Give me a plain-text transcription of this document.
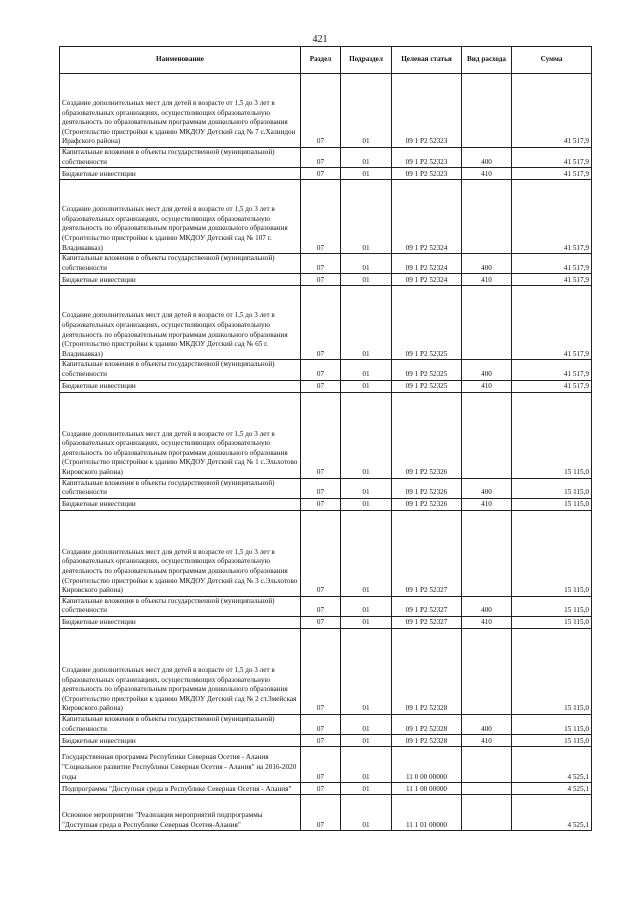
421
Наименование	Раздел	Подраздел	Целевая статья	Вид расхода	Сумма
Создание дополнительных мест для детей в возрасте от 1,5 до 3 лет в образовательных организациях, осуществляющих образовательную деятельность по образовательным программам дошкольного образования (Строительство пристройки к зданию МКДОУ Детский сад № 7 с.Хазнидон Ирафского района)	07	01	09 1 P2 52323		41 517,9
Капитальные вложения в объекты государственной (муниципальной) собственности	07	01	09 1 P2 52323	400	41 517,9
Бюджетные инвестиции	07	01	09 1 P2 52323	410	41 517,9
Создание дополнительных мест для детей в возрасте от 1,5 до 3 лет в образовательных организациях, осуществляющих образовательную деятельность по образовательным программам дошкольного образования (Строительство пристройки к зданию МКДОУ Детский сад № 107 г. Владикавказ)	07	01	09 1 P2 52324		41 517,9
Капитальные вложения в объекты государственной (муниципальной) собственности	07	01	09 1 P2 52324	400	41 517,9
Бюджетные инвестиции	07	01	09 1 P2 52324	410	41 517,9
Создание дополнительных мест для детей в возрасте от 1,5 до 3 лет в образовательных организациях, осуществляющих образовательную деятельность по образовательным программам дошкольного образования (Строительство пристройки к зданию МКДОУ Детский сад № 65 г. Владикавказ)	07	01	09 1 P2 52325		41 517,9
Капитальные вложения в объекты государственной (муниципальной) собственности	07	01	09 1 P2 52325	400	41 517,9
Бюджетные инвестиции	07	01	09 1 P2 52325	410	41 517,9
Создание дополнительных мест для детей в возрасте от 1,5 до 3 лет в образовательных организациях, осуществляющих образовательную деятельность по образовательным программам дошкольного образования (Строительство пристройки к зданию МКДОУ Детский сад № 1 с.Эльхотово Кировского района)	07	01	09 1 P2 52326		15 115,0
Капитальные вложения в объекты государственной (муниципальной) собственности	07	01	09 1 P2 52326	400	15 115,0
Бюджетные инвестиции	07	01	09 1 P2 52326	410	15 115,0
Создание дополнительных мест для детей в возрасте от 1,5 до 3 лет в образовательных организациях, осуществляющих образовательную деятельность по образовательным программам дошкольного образования (Строительство пристройки к зданию МКДОУ Детский сад № 3 с.Эльхотово Кировского района)	07	01	09 1 P2 52327		15 115,0
Капитальные вложения в объекты государственной (муниципальной) собственности	07	01	09 1 P2 52327	400	15 115,0
Бюджетные инвестиции	07	01	09 1 P2 52327	410	15 115,0
Создание дополнительных мест для детей в возрасте от 1,5 до 3 лет в образовательных организациях, осуществляющих образовательную деятельность по образовательным программам дошкольного образования (Строительство пристройки к зданию МКДОУ Детский сад № 2 ст.Змейская Кировского района)	07	01	09 1 P2 52328		15 115,0
Капитальные вложения в объекты государственной (муниципальной) собственности	07	01	09 1 P2 52328	400	15 115,0
Бюджетные инвестиции	07	01	09 1 P2 52328	410	15 115,0
Государственная программа Республики Северная Осетия - Алания "Социальное развитие Республики Северная Осетия - Алания" на 2016-2020 годы	07	01	11 0 00 00000		4 525,1
Подпрограмма "Доступная среда в Республике Северная Осетия - Алания"	07	01	11 1 00 00000		4 525,1
Основное мероприятие "Реализация мероприятий подпрограммы "Доступная среда в Республике Северная Осетия-Алания"	07	01	11 1 01 00000		4 525,1
